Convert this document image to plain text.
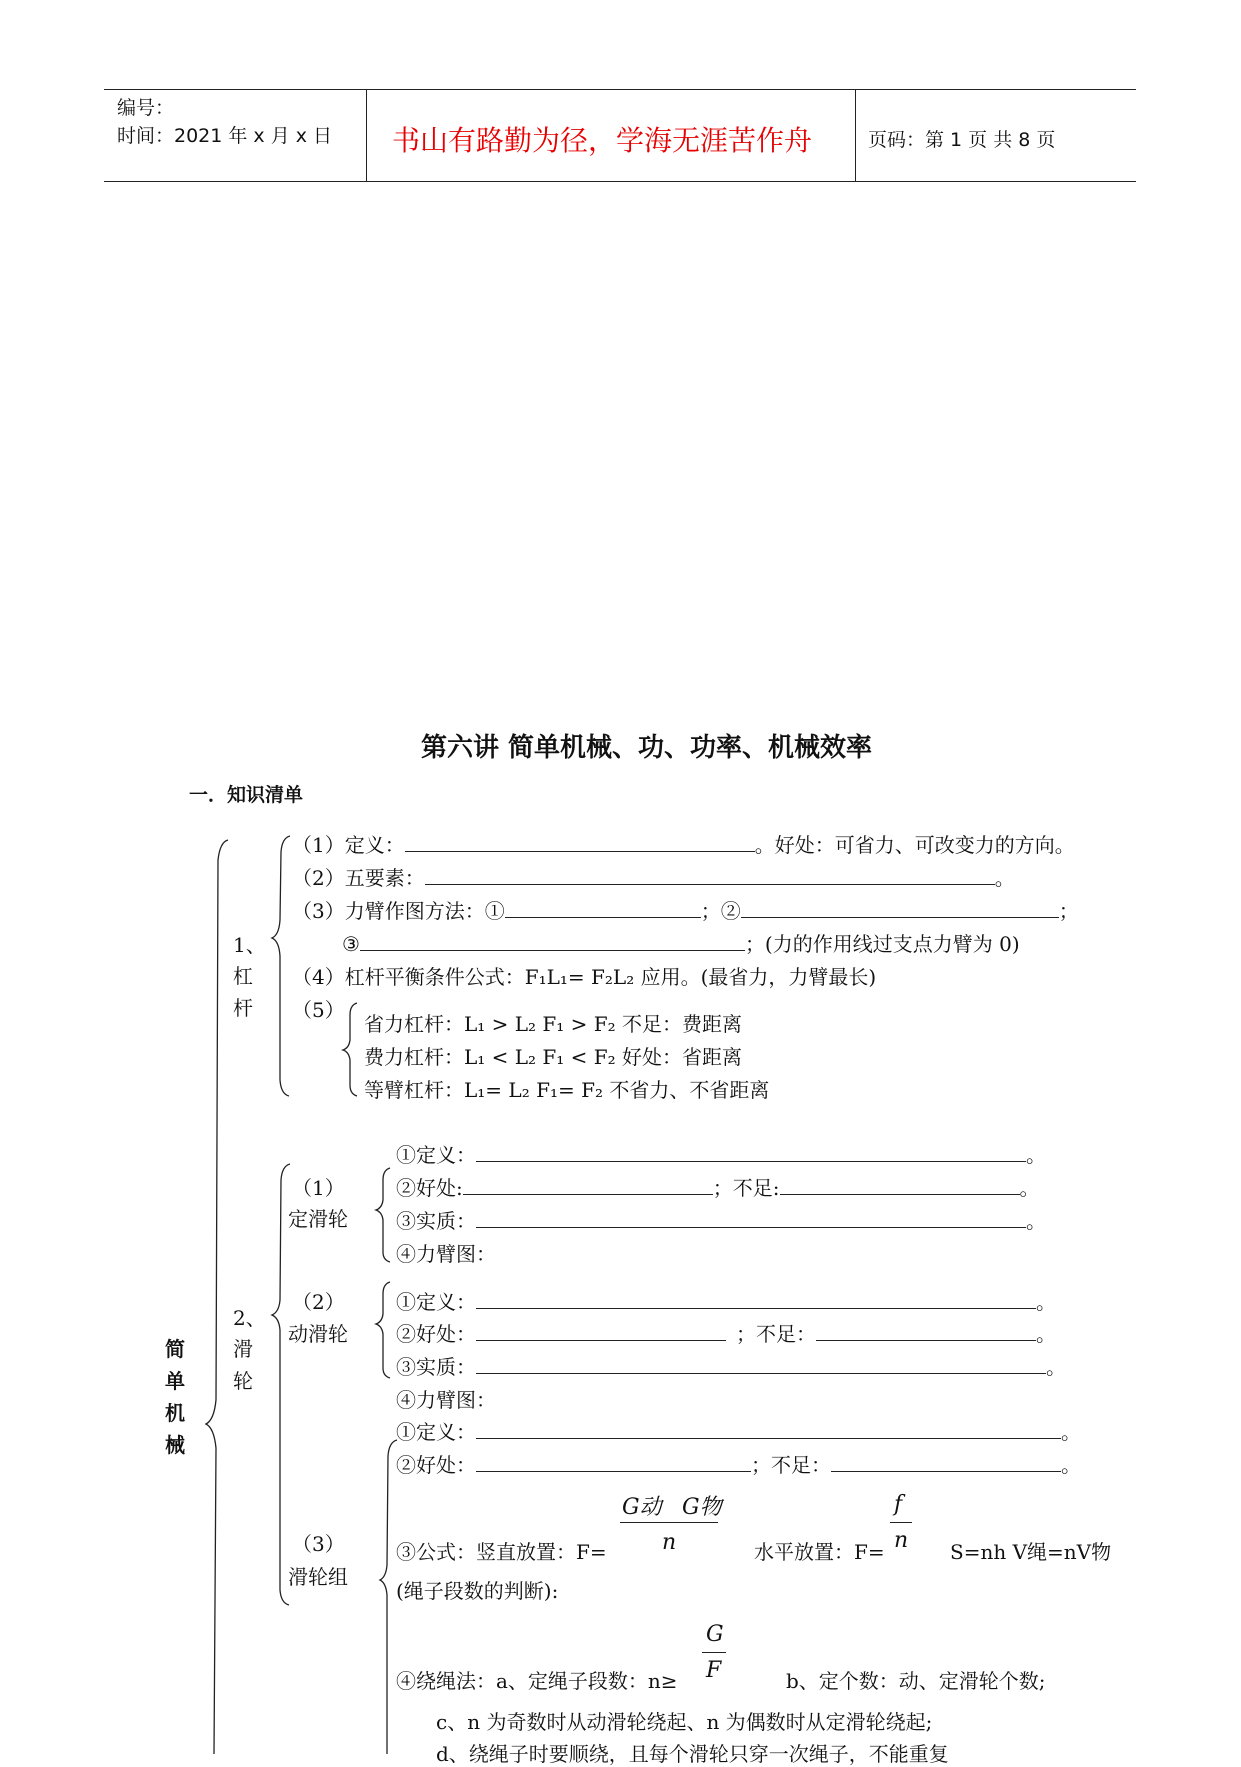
编号：
时间：2021 年 x 月 x 日 书山有路勤为径，学海无涯苦作舟	页码：第 1 页 共 8 页
第六讲 简单机械、功、功率、机械效率
一．知识清单
简单机械
1、
杠
杆
（1）定义：	。好处：可省力、可改变力的方向。
（2）五要素：	。
（3）力臂作图方法：①	；②	；
③	；(力的作用线过支点力臂为 0)
（4）杠杆平衡条件公式：F₁L₁= F₂L₂ 应用。(最省力，力臂最长)
（5）
省力杠杆：L₁ > L₂ F₁ > F₂ 不足：费距离
费力杠杆：L₁ < L₂ F₁ < F₂ 好处：省距离
等臂杠杆：L₁= L₂ F₁= F₂ 不省力、不省距离
2、
滑
轮
（1）
定滑轮
①定义：	。
②好处:	；不足:	。
③实质：	。
④力臂图：
（2）
动滑轮
①定义：	。
②好处：	；不足：	。
③实质：	。
④力臂图：
①定义：	。
②好处：	；不足：	。
（3）
滑轮组
G动 G物
n
③公式：竖直放置：F=	水平放置：F=
f
n S=nh V绳=nV物
(绳子段数的判断):
G
F
④绕绳法：a、定绳子段数：n≥	b、定个数：动、定滑轮个数;
c、n 为奇数时从动滑轮绕起、n 为偶数时从定滑轮绕起;
d、绕绳子时要顺绕，且每个滑轮只穿一次绳子，不能重复
